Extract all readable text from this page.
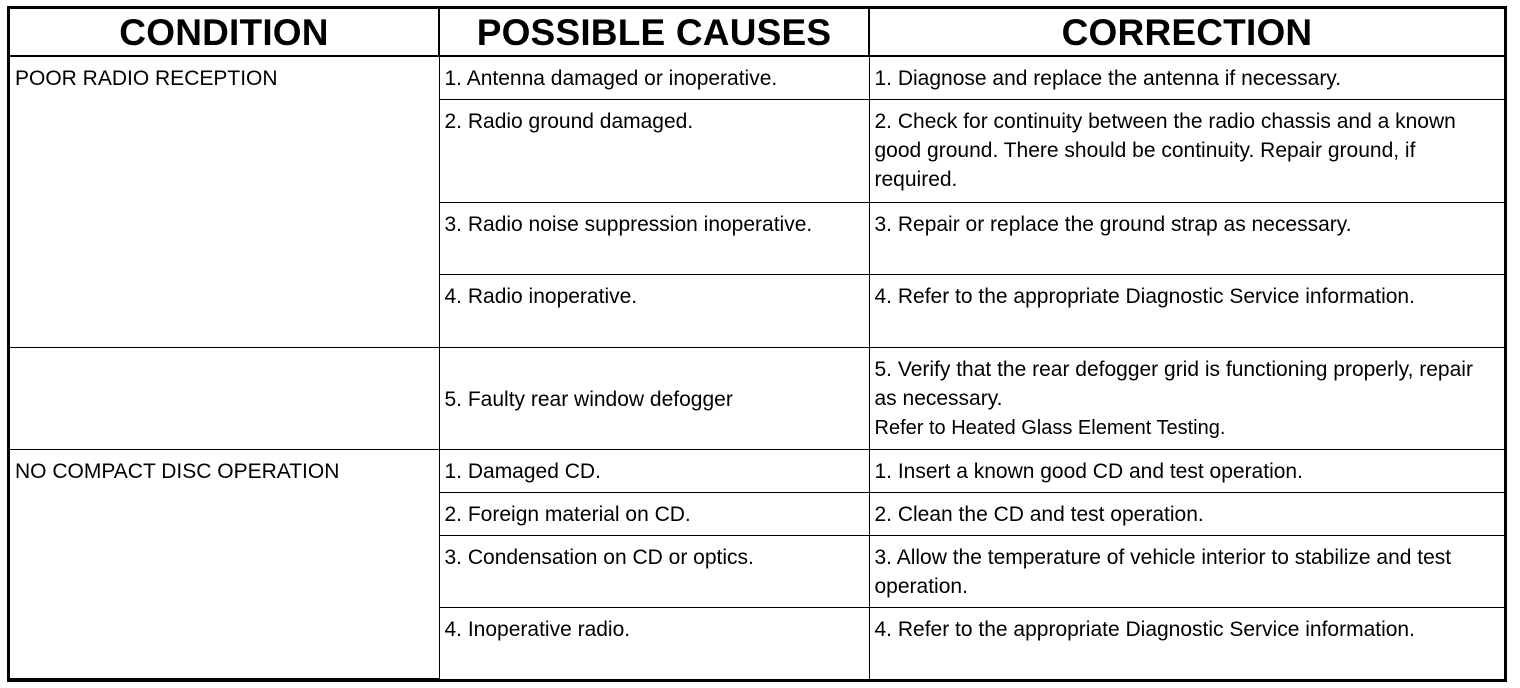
CONDITION	POSSIBLE CAUSES	CORRECTION
POOR RADIO RECEPTION	1. Antenna damaged or inoperative.	1. Diagnose and replace the antenna if necessary.
	2. Radio ground damaged.	2. Check for continuity between the radio chassis and a known good ground. There should be continuity. Repair ground, if required.
	3. Radio noise suppression inoperative.	3. Repair or replace the ground strap as necessary.
	4. Radio inoperative.	4. Refer to the appropriate Diagnostic Service information.
	5. Faulty rear window defogger	5. Verify that the rear defogger grid is functioning properly, repair as necessary.
Refer to Heated Glass Element Testing.

NO COMPACT DISC OPERATION	1. Damaged CD.	1. Insert a known good CD and test operation.
	2. Foreign material on CD.	2. Clean the CD and test operation.
	3. Condensation on CD or optics.	3. Allow the temperature of vehicle interior to stabilize and test operation.
	4. Inoperative radio.	4. Refer to the appropriate Diagnostic Service information.
